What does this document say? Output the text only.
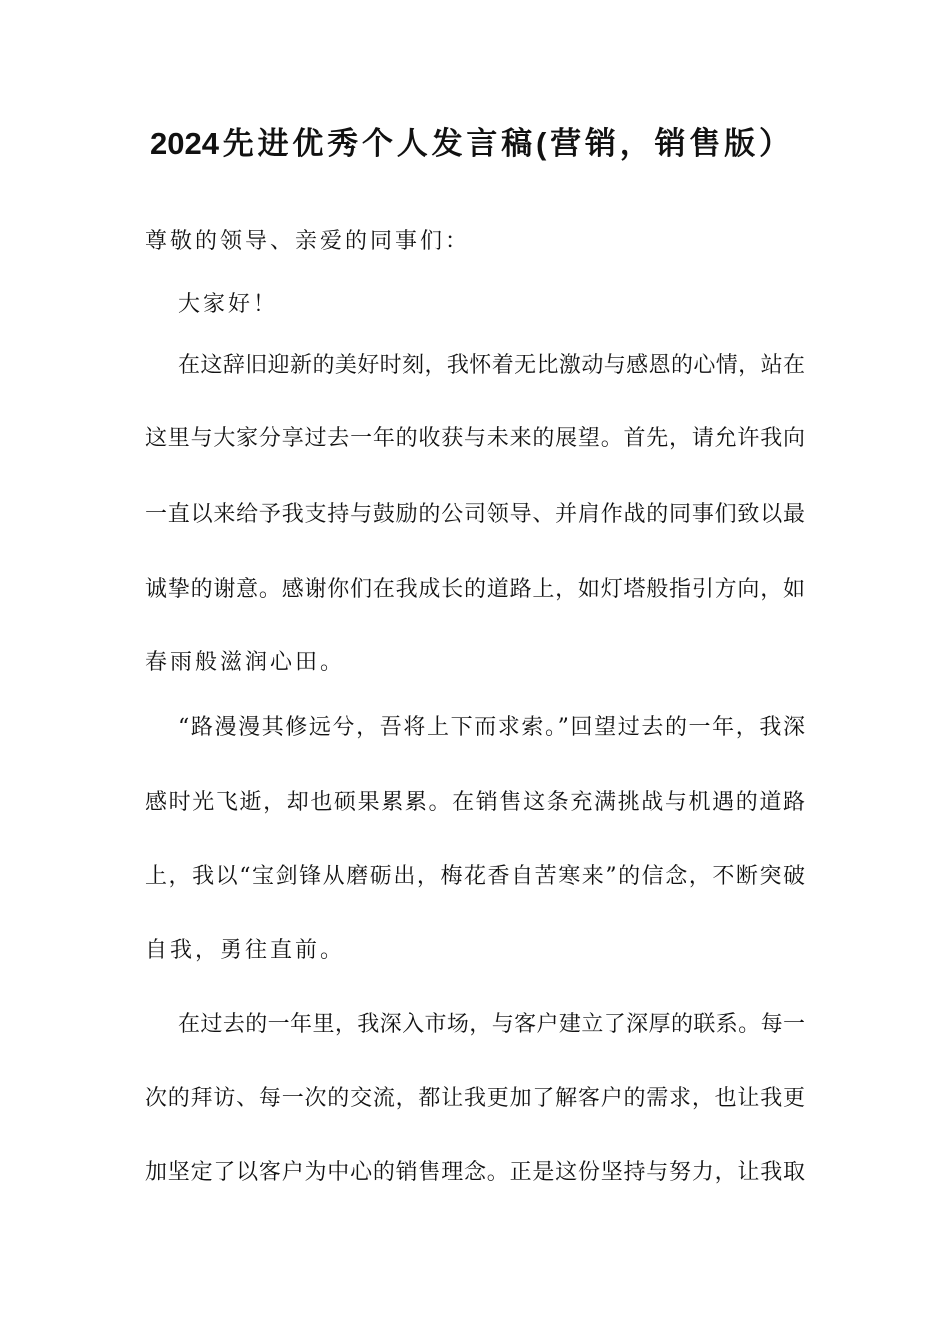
2024先进优秀个人发言稿(营销，销售版）
尊敬的领导、亲爱的同事们：
大家好！
在这辞旧迎新的美好时刻，我怀着无比激动与感恩的心情，站在
这里与大家分享过去一年的收获与未来的展望。首先，请允许我向
一直以来给予我支持与鼓励的公司领导、并肩作战的同事们致以最
诚挚的谢意。感谢你们在我成长的道路上，如灯塔般指引方向，如
春雨般滋润心田。
“路漫漫其修远兮，吾将上下而求索。”回望过去的一年，我深
感时光飞逝，却也硕果累累。在销售这条充满挑战与机遇的道路
上，我以“宝剑锋从磨砺出，梅花香自苦寒来”的信念，不断突破
自我，勇往直前。
在过去的一年里，我深入市场，与客户建立了深厚的联系。每一
次的拜访、每一次的交流，都让我更加了解客户的需求，也让我更
加坚定了以客户为中心的销售理念。正是这份坚持与努力，让我取
